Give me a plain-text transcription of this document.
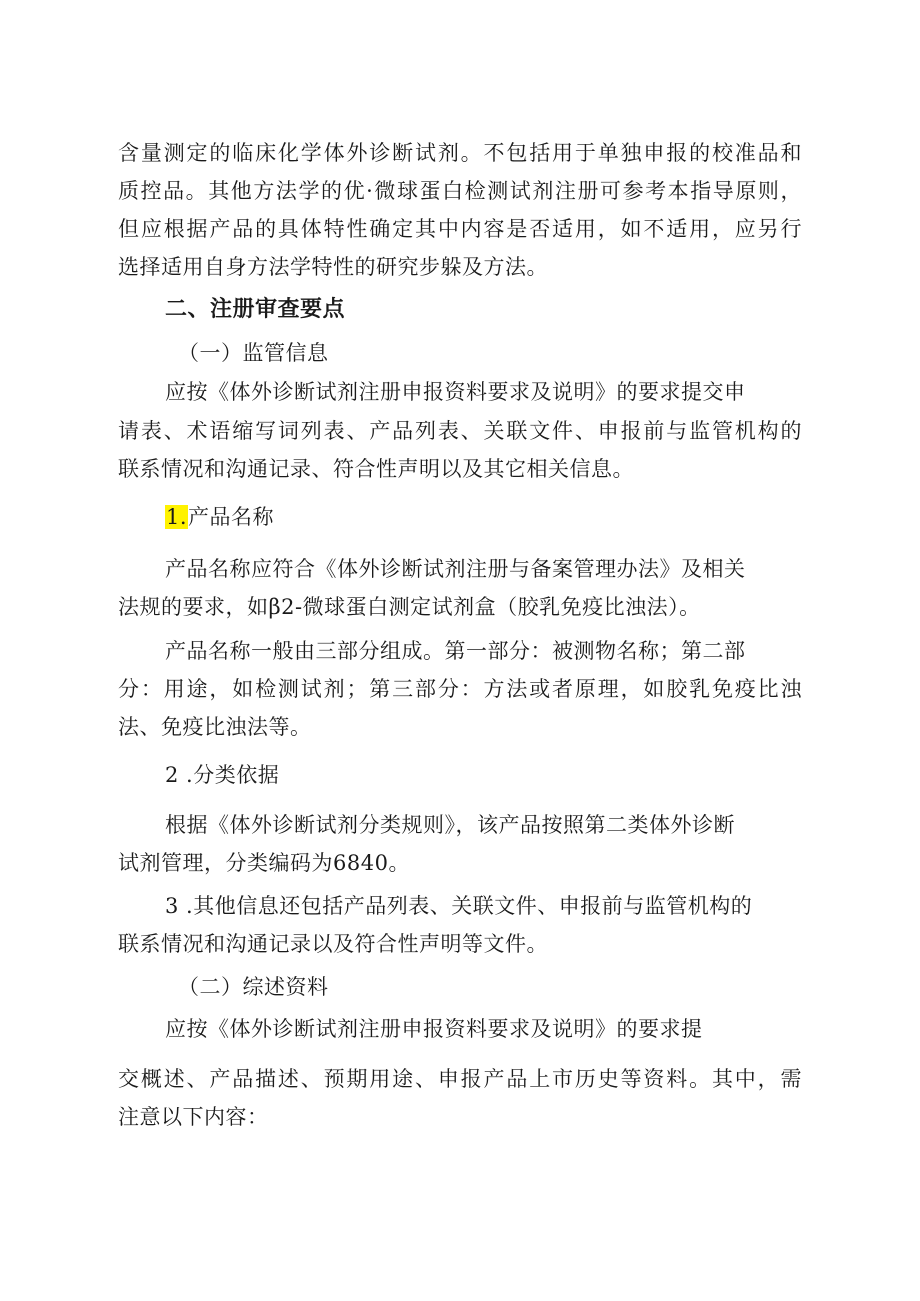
含量测定的临床化学体外诊断试剂。不包括用于单独申报的校准品和
质控品。其他方法学的优·微球蛋白检测试剂注册可参考本指导原则，
但应根据产品的具体特性确定其中内容是否适用，如不适用，应另行
选择适用自身方法学特性的研究步躲及方法。
二、注册审查要点
（一）监管信息
应按《体外诊断试剂注册申报资料要求及说明》的要求提交申
请表、术语缩写词列表、产品列表、关联文件、申报前与监管机构的
联系情况和沟通记录、符合性声明以及其它相关信息。
1.产品名称
产品名称应符合《体外诊断试剂注册与备案管理办法》及相关
法规的要求，如β2-微球蛋白测定试剂盒（胶乳免疫比浊法）。
产品名称一般由三部分组成。第一部分：被测物名称；第二部
分：用途，如检测试剂；第三部分：方法或者原理，如胶乳免疫比浊
法、免疫比浊法等。
2 .分类依据
根据《体外诊断试剂分类规则》，该产品按照第二类体外诊断
试剂管理，分类编码为6840。
3 .其他信息还包括产品列表、关联文件、申报前与监管机构的
联系情况和沟通记录以及符合性声明等文件。
（二）综述资料
应按《体外诊断试剂注册申报资料要求及说明》的要求提
交概述、产品描述、预期用途、申报产品上市历史等资料。其中，需
注意以下内容：
